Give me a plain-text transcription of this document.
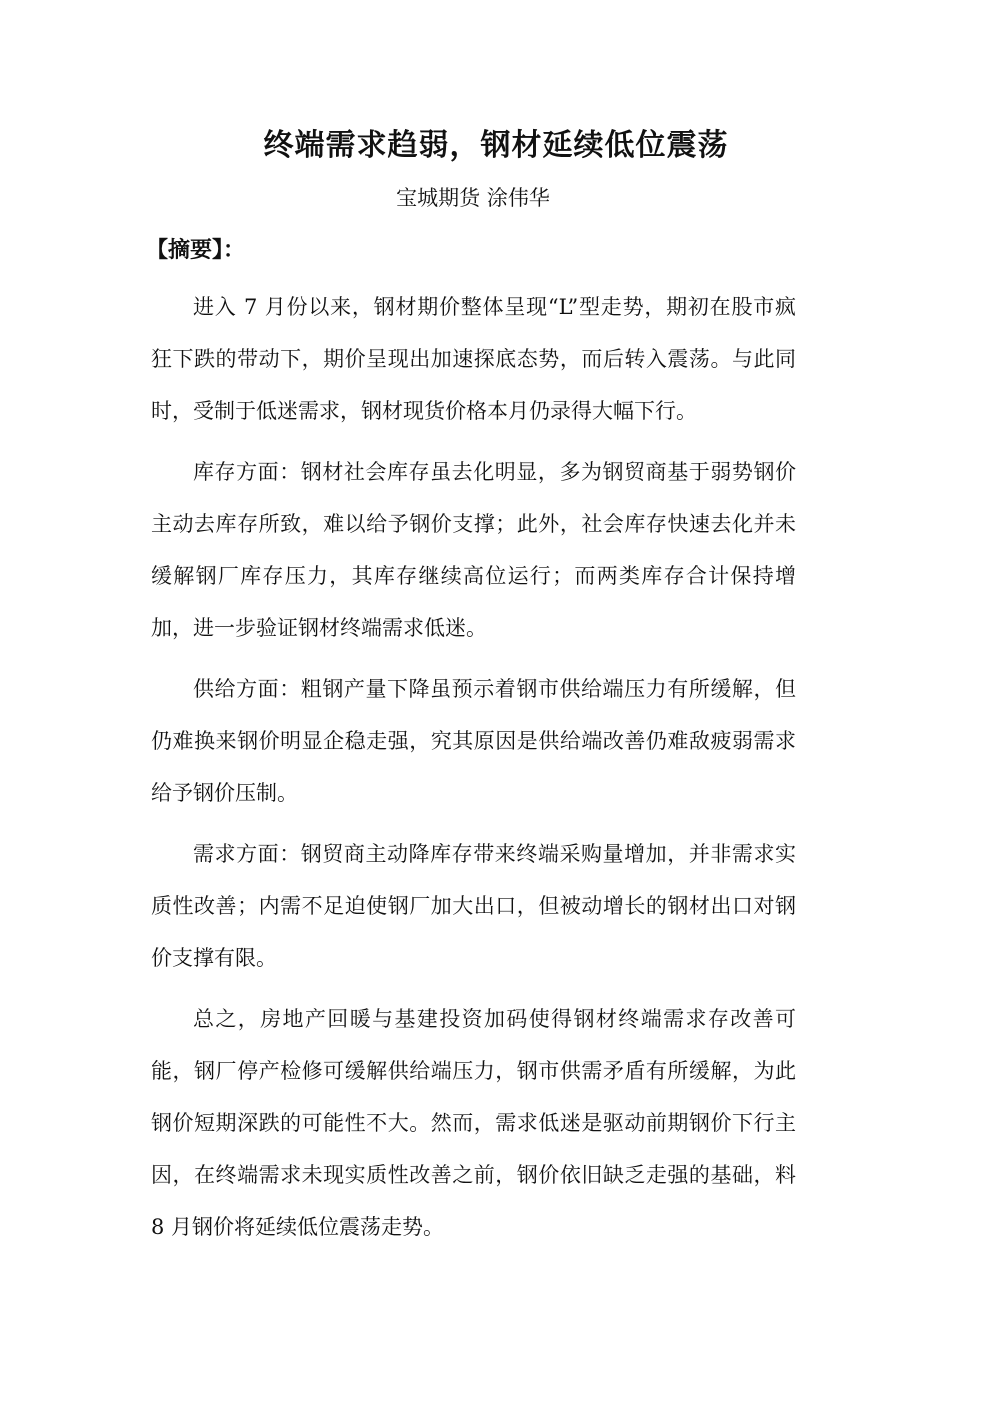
终端需求趋弱，钢材延续低位震荡

宝城期货 涂伟华

【摘要】：

进入 7 月份以来，钢材期价整体呈现“L”型走势，期初在股市疯狂下跌的带动下，期价呈现出加速探底态势，而后转入震荡。与此同时，受制于低迷需求，钢材现货价格本月仍录得大幅下行。

库存方面：钢材社会库存虽去化明显，多为钢贸商基于弱势钢价主动去库存所致，难以给予钢价支撑；此外，社会库存快速去化并未缓解钢厂库存压力，其库存继续高位运行；而两类库存合计保持增加，进一步验证钢材终端需求低迷。

供给方面：粗钢产量下降虽预示着钢市供给端压力有所缓解，但仍难换来钢价明显企稳走强，究其原因是供给端改善仍难敌疲弱需求给予钢价压制。

需求方面：钢贸商主动降库存带来终端采购量增加，并非需求实质性改善；内需不足迫使钢厂加大出口，但被动增长的钢材出口对钢价支撑有限。

总之，房地产回暖与基建投资加码使得钢材终端需求存改善可能，钢厂停产检修可缓解供给端压力，钢市供需矛盾有所缓解，为此钢价短期深跌的可能性不大。然而，需求低迷是驱动前期钢价下行主因，在终端需求未现实质性改善之前，钢价依旧缺乏走强的基础，料 8 月钢价将延续低位震荡走势。
